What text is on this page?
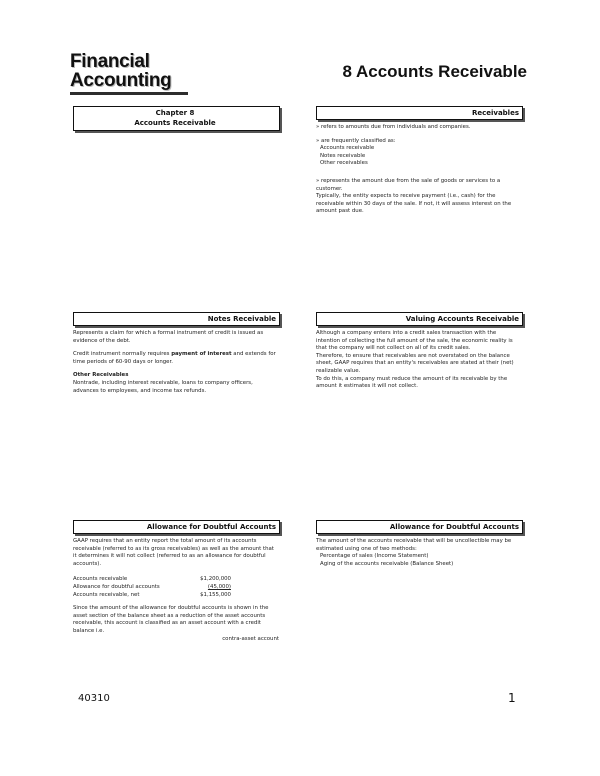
Financial
Accounting	8 Accounts Receivable
Chapter 8
Accounts Receivable
Receivables

» refers to amounts due from individuals and companies.

» are frequently classified as:

Accounts receivable
Notes receivable
Other receivables

» represents the amount due from the sale of goods or services to a customer.

Typically, the entity expects to receive payment (i.e., cash) for the receivable within 30 days of the sale. If not, it will assess interest on the amount past due.

Notes Receivable

Represents a claim for which a formal instrument of credit is issued as evidence of the debt.

Credit instrument normally requires payment of interest and extends for time periods of 60-90 days or longer.

Other Receivables

Nontrade, including interest receivable, loans to company officers, advances to employees, and income tax refunds.

Valuing Accounts Receivable

Although a company enters into a credit sales transaction with the intention of collecting the full amount of the sale, the economic reality is that the company will not collect on all of its credit sales.

Therefore, to ensure that receivables are not overstated on the balance sheet, GAAP requires that an entity's receivables are stated at their (net) realizable value.

To do this, a company must reduce the amount of its receivable by the amount it estimates it will not collect.

Allowance for Doubtful Accounts

GAAP requires that an entity report the total amount of its accounts receivable (referred to as its gross receivables) as well as the amount that it determines it will not collect (referred to as an allowance for doubtful accounts).

Accounts receivable	$1,200,000
Allowance for doubtful accounts	(45,000)
Accounts receivable, net	$1,155,000

Since the amount of the allowance for doubtful accounts is shown in the asset section of the balance sheet as a reduction of the asset accounts receivable, this account is classified as an asset account with a credit balance i.e.

contra-asset account

Allowance for Doubtful Accounts

The amount of the accounts receivable that will be uncollectible may be estimated using one of two methods:

Percentage of sales (Income Statement)
Aging of the accounts receivable (Balance Sheet)
40310	1
